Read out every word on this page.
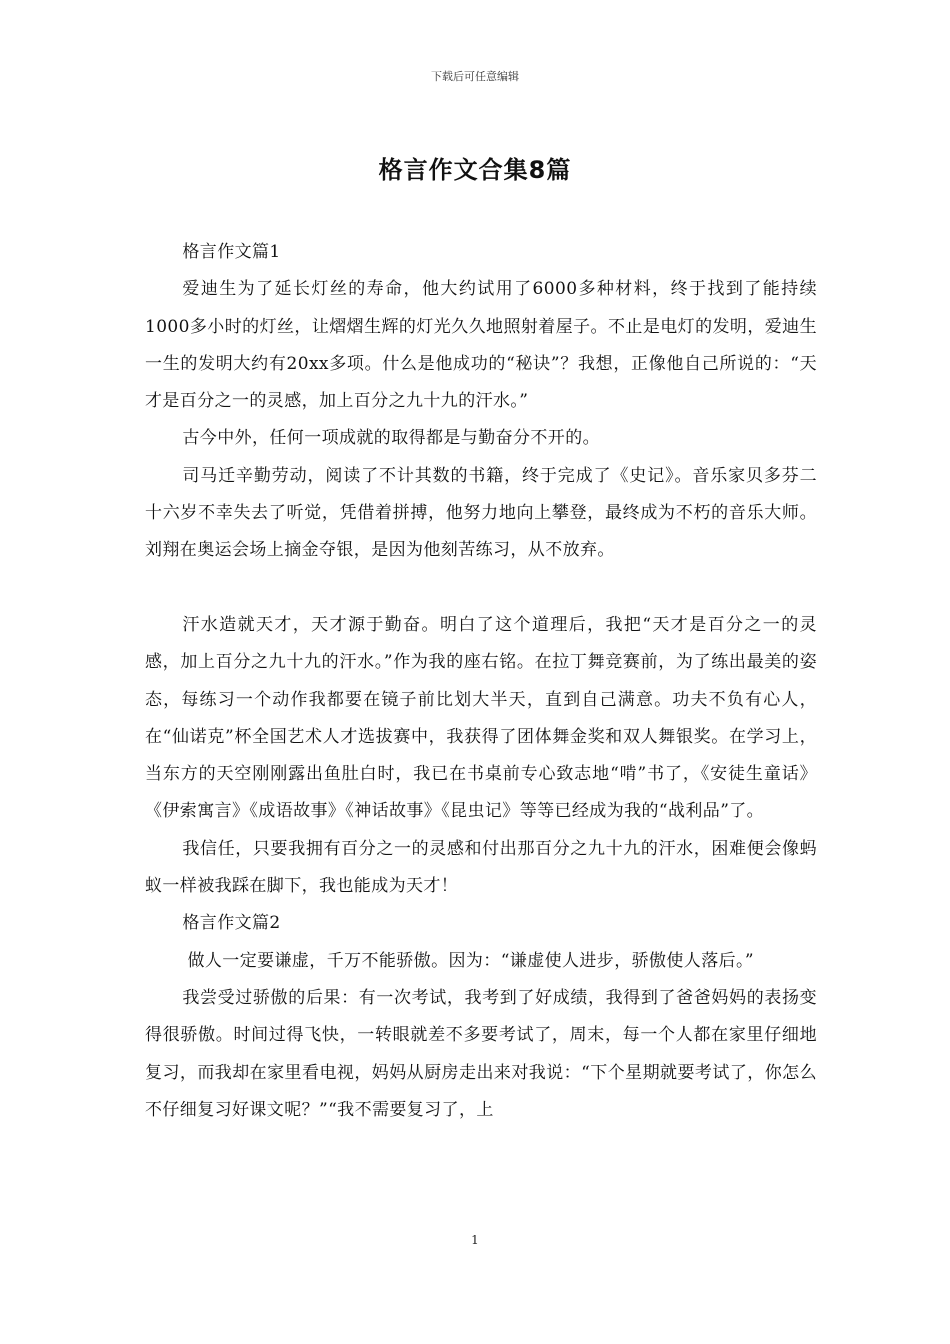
下载后可任意编辑
格言作文合集8篇

格言作文篇1

爱迪生为了延长灯丝的寿命，他大约试用了6000多种材料，终于找到了能持续1000多小时的灯丝，让熠熠生辉的灯光久久地照射着屋子。不止是电灯的发明，爱迪生一生的发明大约有20xx多项。什么是他成功的“秘诀”？我想，正像他自己所说的：“天才是百分之一的灵感，加上百分之九十九的汗水。”

古今中外，任何一项成就的取得都是与勤奋分不开的。

司马迁辛勤劳动，阅读了不计其数的书籍，终于完成了《史记》。音乐家贝多芬二十六岁不幸失去了听觉，凭借着拼搏，他努力地向上攀登，最终成为不朽的音乐大师。刘翔在奥运会场上摘金夺银，是因为他刻苦练习，从不放弃。

汗水造就天才，天才源于勤奋。明白了这个道理后，我把“天才是百分之一的灵感，加上百分之九十九的汗水。”作为我的座右铭。在拉丁舞竞赛前，为了练出最美的姿态，每练习一个动作我都要在镜子前比划大半天，直到自己满意。功夫不负有心人，在“仙诺克”杯全国艺术人才选拔赛中，我获得了团体舞金奖和双人舞银奖。在学习上，当东方的天空刚刚露出鱼肚白时，我已在书桌前专心致志地“啃”书了，《安徒生童话》《伊索寓言》《成语故事》《神话故事》《昆虫记》等等已经成为我的“战利品”了。

我信任，只要我拥有百分之一的灵感和付出那百分之九十九的汗水，困难便会像蚂蚁一样被我踩在脚下，我也能成为天才！

格言作文篇2

做人一定要谦虚，千万不能骄傲。因为：“谦虚使人进步，骄傲使人落后。”

我尝受过骄傲的后果：有一次考试，我考到了好成绩，我得到了爸爸妈妈的表扬变得很骄傲。时间过得飞快，一转眼就差不多要考试了，周末，每一个人都在家里仔细地复习，而我却在家里看电视，妈妈从厨房走出来对我说：“下个星期就要考试了，你怎么不仔细复习好课文呢？”“我不需要复习了，上

1
